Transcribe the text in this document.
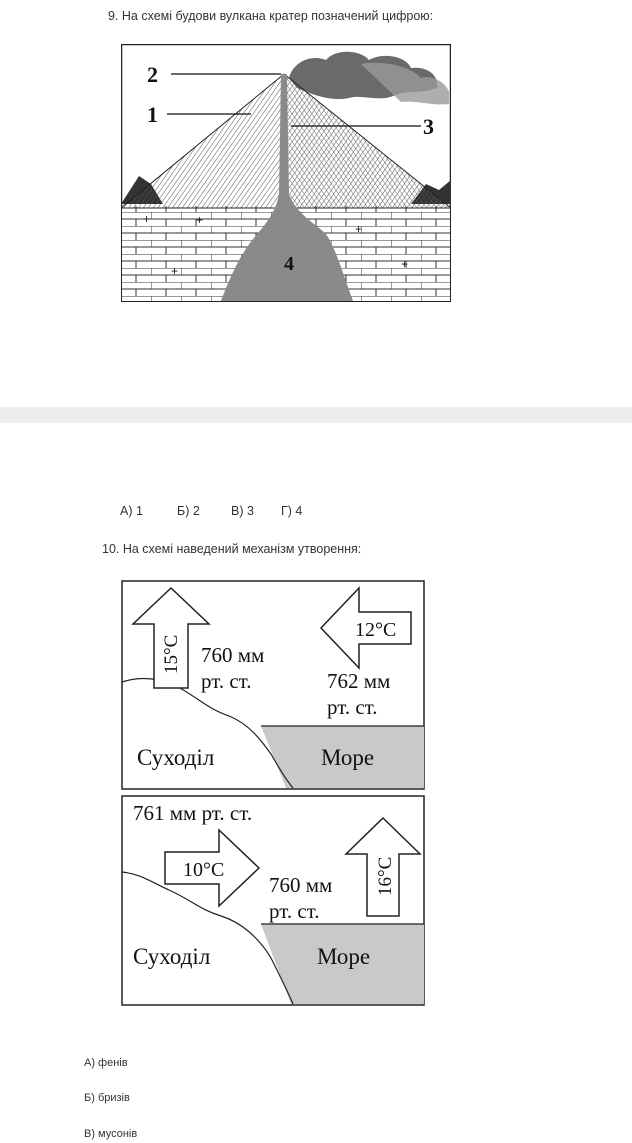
9. На схемі будови вулкана кратер позначений цифрою:
+	+
+
+	+
2
1	3
4
А) 1	Б) 2 В) 3 Г) 4
10. На схемі наведений механізм утворення:
15°C
12°C
760 мм
рт. ст.	762 мм
рт. ст.
Суходіл	Море
761 мм рт. ст.
10°C	16°C
760 мм
рт. ст.
Суходіл	Море
А) фенів
Б) бризів
В) мусонів
